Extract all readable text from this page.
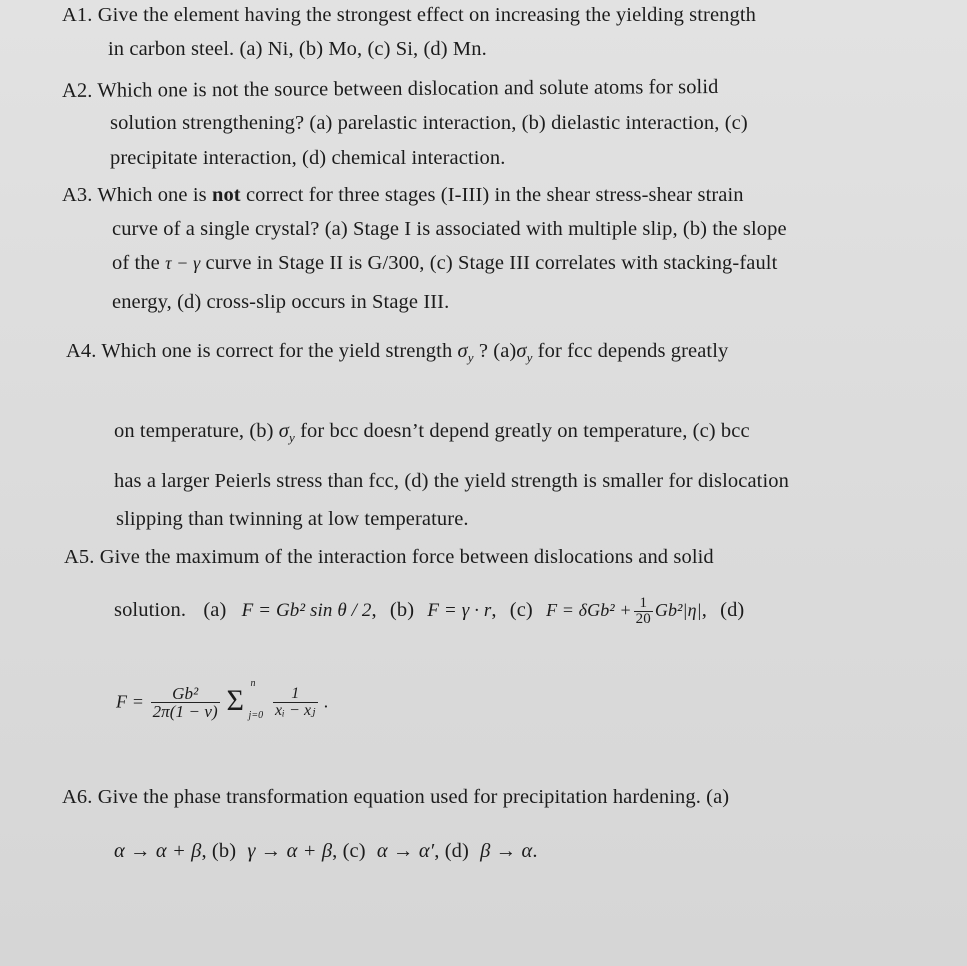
A1. Give the element having the strongest effect on increasing the yielding strength
in carbon steel. (a) Ni, (b) Mo, (c) Si, (d) Mn.
A2. Which one is not the source between dislocation and solute atoms for solid
solution strengthening? (a) parelastic interaction, (b) dielastic interaction, (c)
precipitate interaction, (d) chemical interaction.
A3. Which one is not correct for three stages (I-III) in the shear stress-shear strain
curve of a single crystal? (a) Stage I is associated with multiple slip, (b) the slope
of the τ − γ curve in Stage II is G/300, (c) Stage III correlates with stacking-fault
energy, (d) cross-slip occurs in Stage III.
A4. Which one is correct for the yield strength $\sigma_y$ ? $(a)\sigma_y$ for fcc depends greatly
on temperature, (b) $\sigma_y$ for bcc doesn’t depend greatly on temperature, (c) bcc
has a larger Peierls stress than fcc, (d) the yield strength is smaller for dislocation
slipping than twinning at low temperature.
A5. Give the maximum of the interaction force between dislocations and solid
solution. (a) F = Gb² sin θ / 2, (b) F = γ · r, (c) $F = \delta Gb^2 + \frac{1}{20} Gb^2|\eta|$, (d)
$F = \frac{\text{Gb²}}{2\pi(1 - \nu)}$
Σ
n
j=0
$\frac{1}{\text{xᵢ − xⱼ}}$ .
A6. Give the phase transformation equation used for precipitation hardening. (a)
α → α + β, (b) γ → α + β, (c) α → α′, (d) β → α.
